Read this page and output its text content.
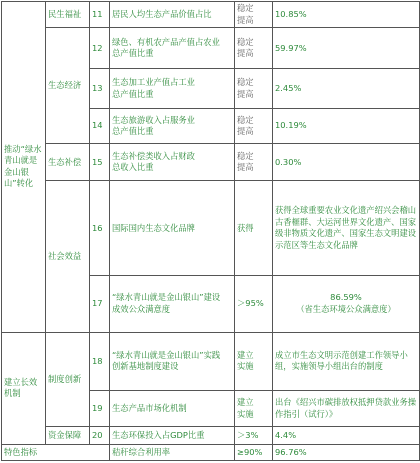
推动“绿水青山就是金山银山”转化	民生福祉	11	居民人均生态产品价值占比	稳定
提高	10.85%
	生态经济	12	绿色、有机农产品产值占农业
总产值比重	稳定
提高	59.97%
		13	生态加工业产值占工业
总产值比重	稳定
提高	2.45%
		14	生态旅游收入占服务业
总产值比重	稳定
提高	10.19%
	生态补偿	15	生态补偿类收入占财政
总收入比重	稳定
提高	0.30%
	社会效益	16	国际国内生态文化品牌	获得	获得全球重要农业文化遗产绍兴会稽山古香榧群、大运河世界文化遗产、国家级非物质文化遗产、国家生态文明建设示范区等生态文化品牌
		17	“绿水青山就是金山银山”建设
成效公众满意度	＞95%	86.59%
（省生态环境公众满意度）
建立长效机制	制度创新	18	“绿水青山就是金山银山”实践
创新基地制度建设	建立
实施	成立市生态文明示范创建工作领导小组，实施领导小组出台的制度
		19	生态产品市场化机制	建立
实施	出台《绍兴市碳排放权抵押贷款业务操作指引（试行）》
	资金保障	20	生态环保投入占GDP比重	＞3%	4.4%
特色指标			秸秆综合利用率	≥90%	96.76%
